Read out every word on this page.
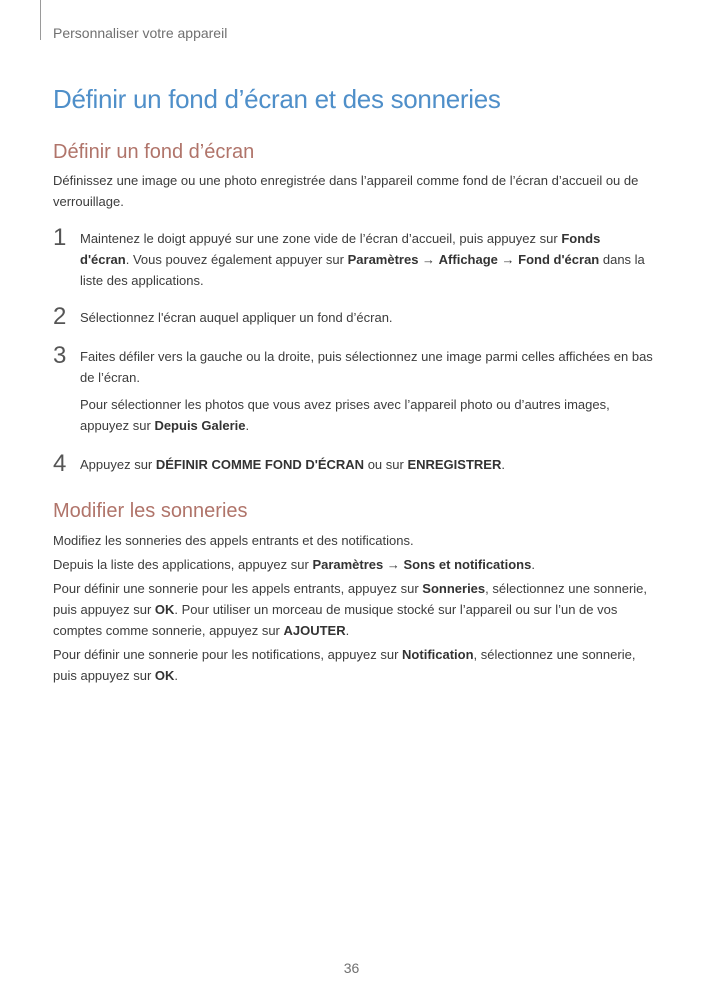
Personnaliser votre appareil
Définir un fond d’écran et des sonneries
Définir un fond d’écran

Définissez une image ou une photo enregistrée dans l’appareil comme fond de l’écran d’accueil ou de verrouillage.

1 Maintenez le doigt appuyé sur une zone vide de l’écran d’accueil, puis appuyez sur Fonds d'écran. Vous pouvez également appuyer sur Paramètres → Affichage → Fond d'écran dans la liste des applications.
2 Sélectionnez l'écran auquel appliquer un fond d’écran.
3 Faites défiler vers la gauche ou la droite, puis sélectionnez une image parmi celles affichées en bas de l’écran.
Pour sélectionner les photos que vous avez prises avec l’appareil photo ou d’autres images, appuyez sur Depuis Galerie.
4 Appuyez sur DÉFINIR COMME FOND D'ÉCRAN ou sur ENREGISTRER.
Modifier les sonneries

Modifiez les sonneries des appels entrants et des notifications.

Depuis la liste des applications, appuyez sur Paramètres → Sons et notifications.

Pour définir une sonnerie pour les appels entrants, appuyez sur Sonneries, sélectionnez une sonnerie, puis appuyez sur OK. Pour utiliser un morceau de musique stocké sur l’appareil ou sur l’un de vos comptes comme sonnerie, appuyez sur AJOUTER.

Pour définir une sonnerie pour les notifications, appuyez sur Notification, sélectionnez une sonnerie, puis appuyez sur OK.

36
